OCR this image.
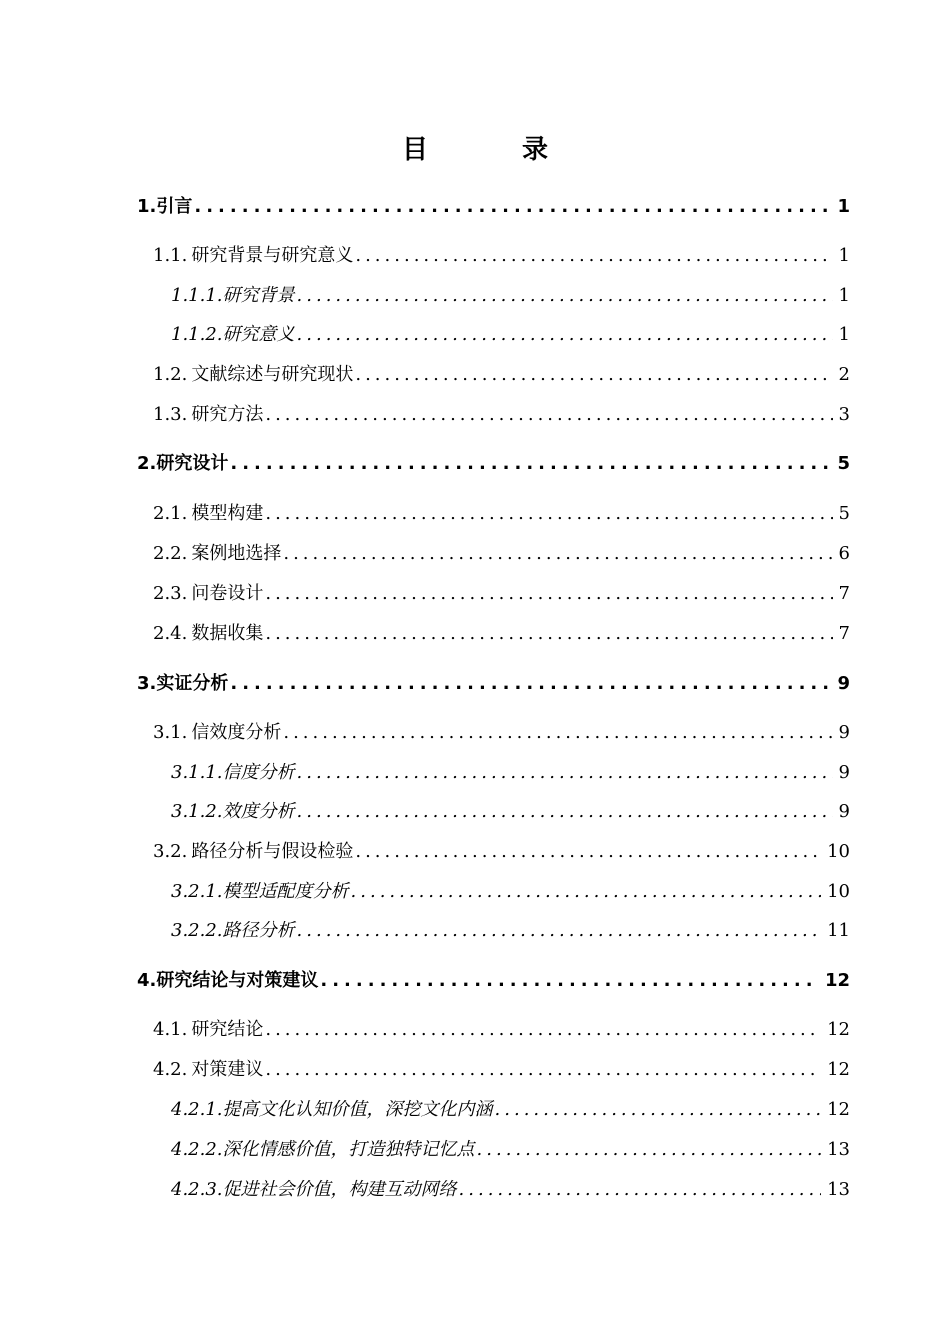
目　录
1. 引言 .....	1
1.1. 研究背景与研究意义 .....	1
1.1.1. 研究背景 .....	1
1.1.2. 研究意义 .....	1
1.2. 文献综述与研究现状 .....	2
1.3. 研究方法 .....	3
2. 研究设计 .....	5
2.1. 模型构建 .....	5
2.2. 案例地选择 .....	6
2.3. 问卷设计 .....	7
2.4. 数据收集 .....	7
3. 实证分析 .....	9
3.1. 信效度分析 .....	9
3.1.1. 信度分析 .....	9
3.1.2. 效度分析 .....	9
3.2. 路径分析与假设检验 .....	10
3.2.1. 模型适配度分析 .....	10
3.2.2. 路径分析 .....	11
4. 研究结论与对策建议 .....	12
4.1. 研究结论 .....	12
4.2. 对策建议 .....	12
4.2.1. 提高文化认知价值，深挖文化内涵 .....	12
4.2.2. 深化情感价值，打造独特记忆点 .....	13
4.2.3. 促进社会价值，构建互动网络 .....	13
